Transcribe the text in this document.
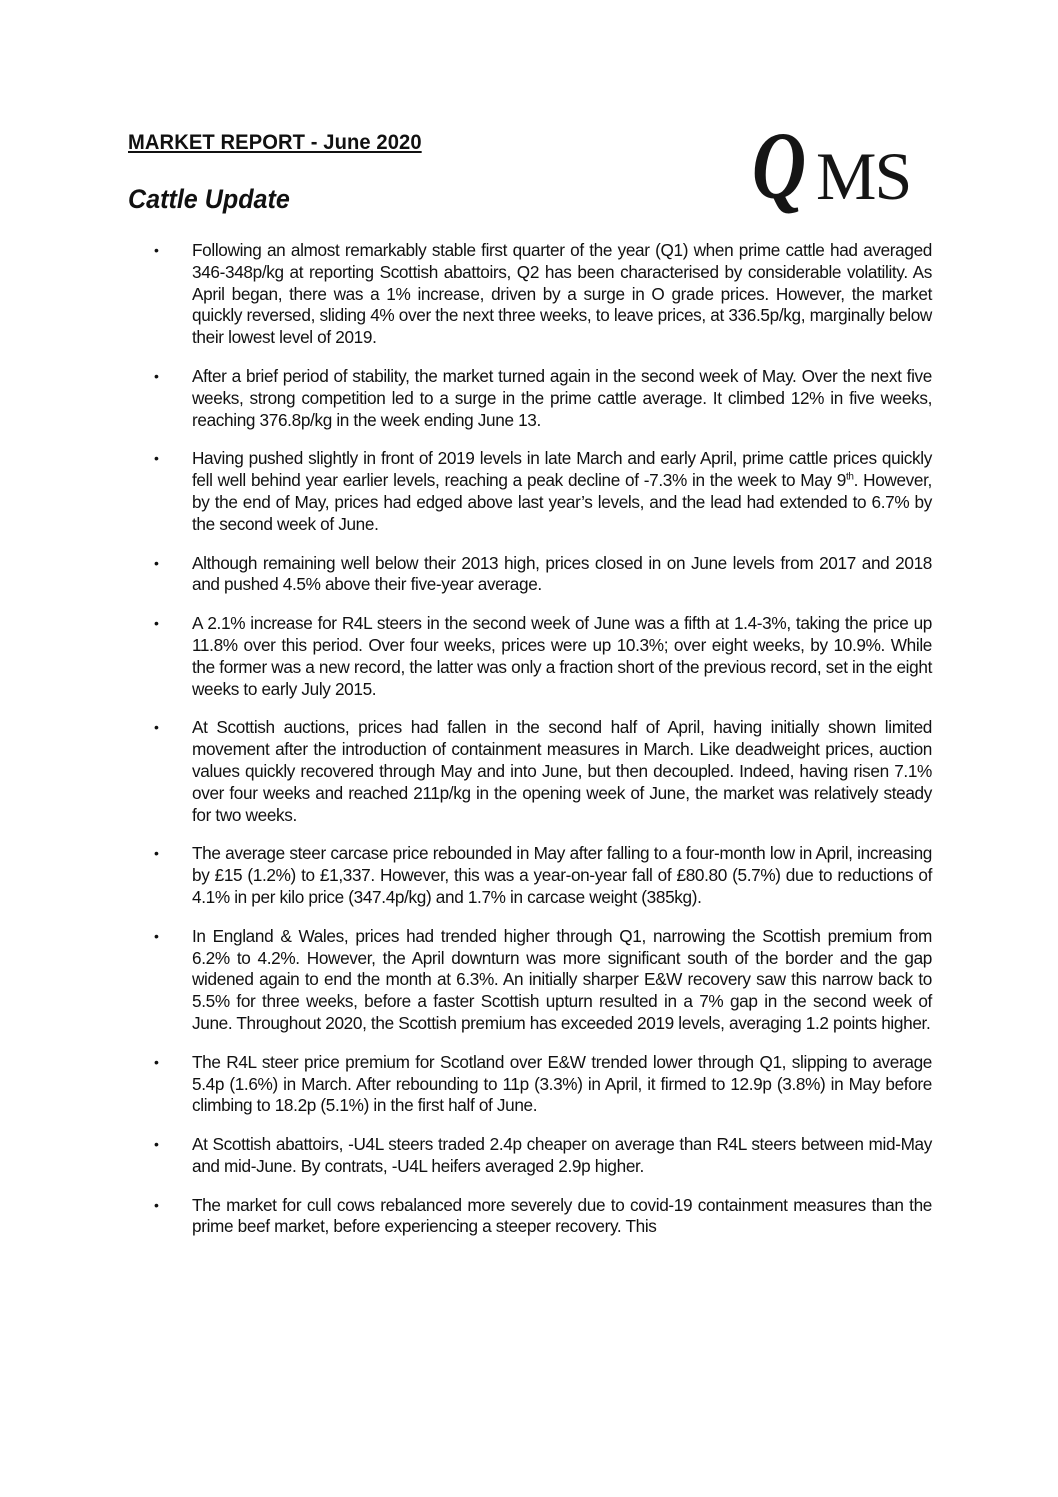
MARKET REPORT - June 2020
Cattle Update	Q MS
• Following an almost remarkably stable first quarter of the year (Q1) when prime cattle had averaged 346-348p/kg at reporting Scottish abattoirs, Q2 has been characterised by considerable volatility. As April began, there was a 1% increase, driven by a surge in O grade prices. However, the market quickly reversed, sliding 4% over the next three weeks, to leave prices, at 336.5p/kg, marginally below their lowest level of 2019.
• After a brief period of stability, the market turned again in the second week of May. Over the next five weeks, strong competition led to a surge in the prime cattle average. It climbed 12% in five weeks, reaching 376.8p/kg in the week ending June 13.
• Having pushed slightly in front of 2019 levels in late March and early April, prime cattle prices quickly fell well behind year earlier levels, reaching a peak decline of -7.3% in the week to May 9th. However, by the end of May, prices had edged above last year’s levels, and the lead had extended to 6.7% by the second week of June.
• Although remaining well below their 2013 high, prices closed in on June levels from 2017 and 2018 and pushed 4.5% above their five-year average.
• A 2.1% increase for R4L steers in the second week of June was a fifth at 1.4-3%, taking the price up 11.8% over this period. Over four weeks, prices were up 10.3%; over eight weeks, by 10.9%. While the former was a new record, the latter was only a fraction short of the previous record, set in the eight weeks to early July 2015.
• At Scottish auctions, prices had fallen in the second half of April, having initially shown limited movement after the introduction of containment measures in March. Like deadweight prices, auction values quickly recovered through May and into June, but then decoupled. Indeed, having risen 7.1% over four weeks and reached 211p/kg in the opening week of June, the market was relatively steady for two weeks.
• The average steer carcase price rebounded in May after falling to a four-month low in April, increasing by £15 (1.2%) to £1,337. However, this was a year-on-year fall of £80.80 (5.7%) due to reductions of 4.1% in per kilo price (347.4p/kg) and 1.7% in carcase weight (385kg).
• In England & Wales, prices had trended higher through Q1, narrowing the Scottish premium from 6.2% to 4.2%. However, the April downturn was more significant south of the border and the gap widened again to end the month at 6.3%. An initially sharper E&W recovery saw this narrow back to 5.5% for three weeks, before a faster Scottish upturn resulted in a 7% gap in the second week of June. Throughout 2020, the Scottish premium has exceeded 2019 levels, averaging 1.2 points higher.
• The R4L steer price premium for Scotland over E&W trended lower through Q1, slipping to average 5.4p (1.6%) in March. After rebounding to 11p (3.3%) in April, it firmed to 12.9p (3.8%) in May before climbing to 18.2p (5.1%) in the first half of June.
• At Scottish abattoirs, -U4L steers traded 2.4p cheaper on average than R4L steers between mid-May and mid-June. By contrats, -U4L heifers averaged 2.9p higher.
• The market for cull cows rebalanced more severely due to covid-19 containment measures than the prime beef market, before experiencing a steeper recovery. This
